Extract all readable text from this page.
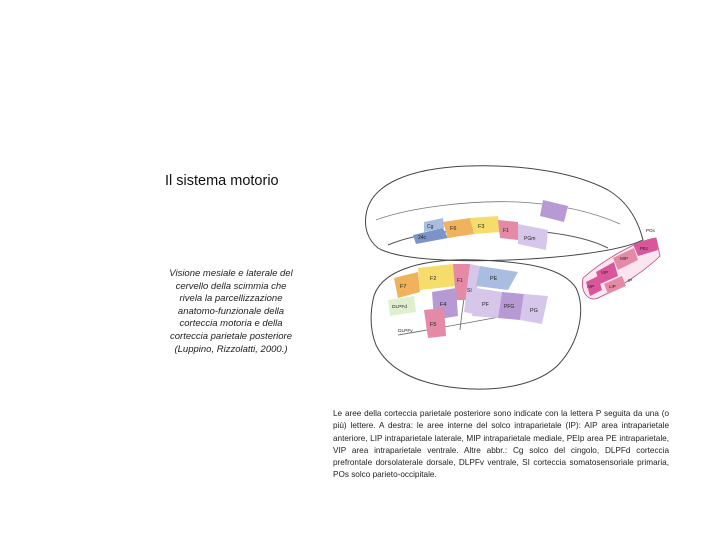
Il sistema motorio
Visione mesiale e laterale del
cervello della scimmia che
rivela la parcellizzazione
anatomo-funzionale della
corteccia motoria e della
corteccia parietale posteriore
(Luppino, Rizzolatti, 2000.)
24c
Cg	F6	F3
F1
PGm
F7
F2	F1
F4
F5
SI
PE
PF	PFG
PG
DLPFd
DLPFv
PEc
MIP
VIP
LIP
AIP
IP
POs
Le aree della corteccia parietale posteriore sono indicate con la lettera P seguita da una (o più) lettere. A destra: le aree interne del solco intraparietale (IP): AIP area intraparietale anteriore, LIP intraparietale laterale, MIP intraparietale mediale, PEIp area PE intraparietale, VIP area intraparietale ventrale. Altre abbr.: Cg solco del cingolo, DLPFd corteccia prefrontale dorsolaterale dorsale, DLPFv ventrale, SI corteccia somatosensoriale primaria, POs solco parieto-occipitale.
